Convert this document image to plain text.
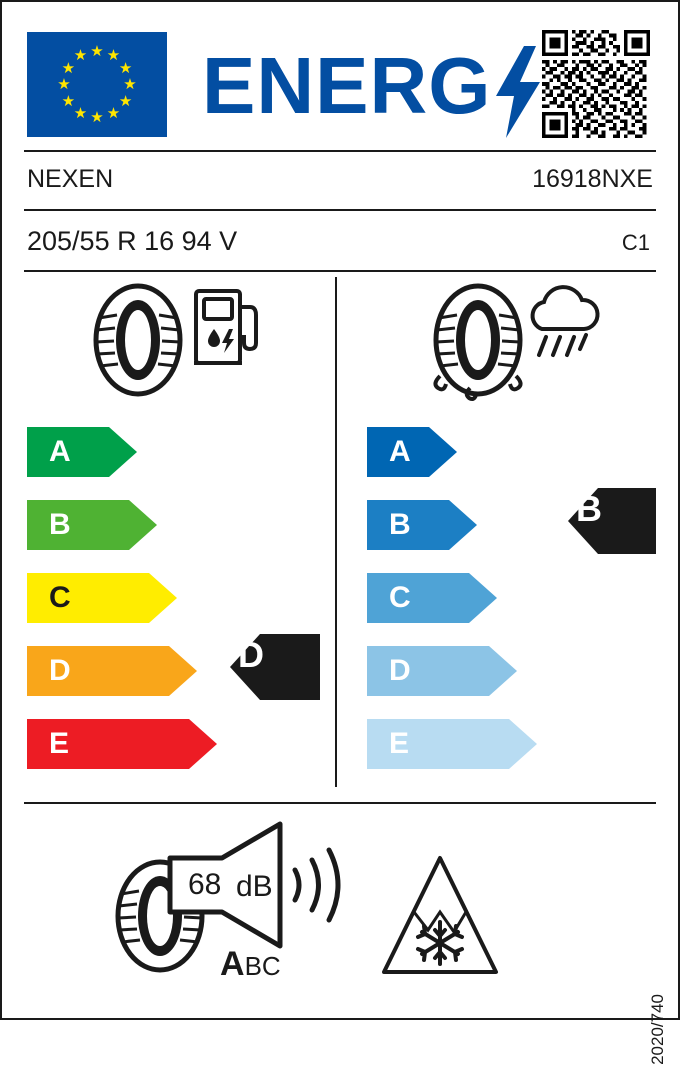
★ ★
★
★
★
★
★
★
★
★
★
★ ENERG
NEXEN	16918NXE
205/55 R 16 94 V	C1
A
B
C
D
E
D
A
B
C
D
E
B
68 dB
ABC
2020/740
